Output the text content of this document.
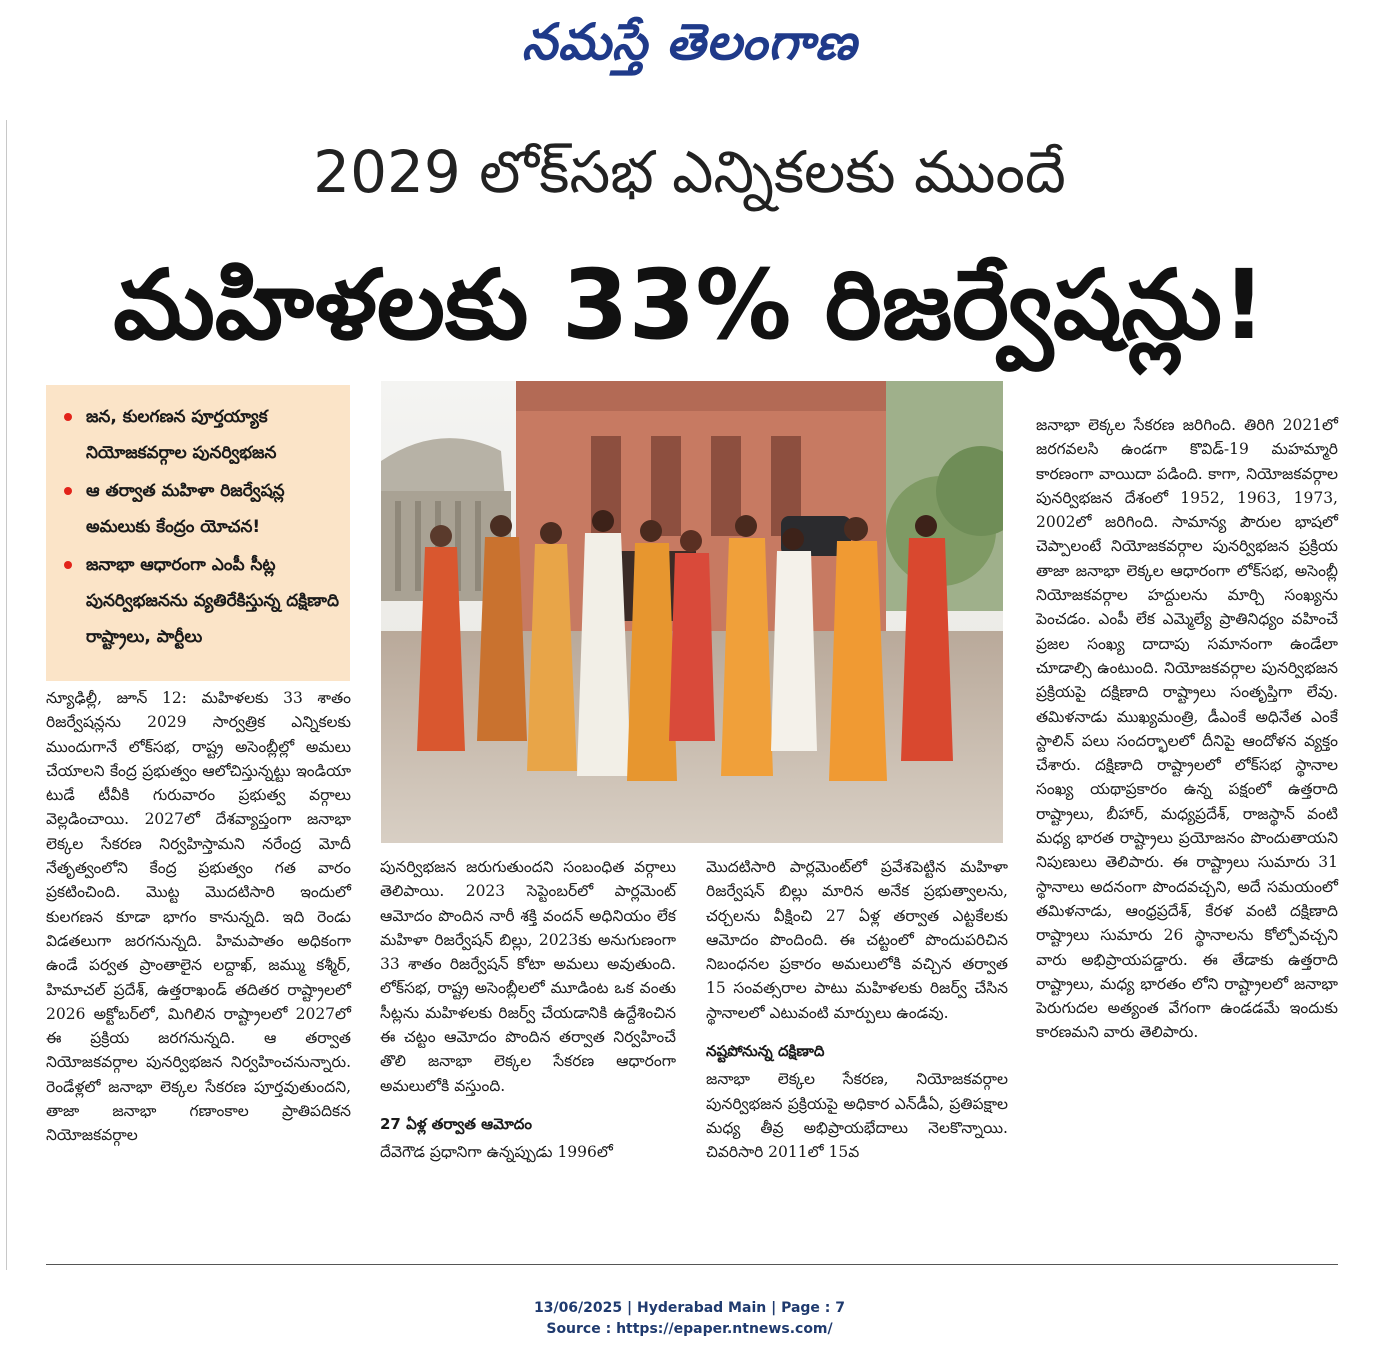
నమస్తే తెలంగాణ
2029 లోక్‌సభ ఎన్నికలకు ముందే
మహిళలకు 33% రిజర్వేషన్లు!
జన, కులగణన పూర్తయ్యాక నియోజకవర్గాల పునర్విభజన
ఆ తర్వాత మహిళా రిజర్వేషన్ల అమలుకు కేంద్రం యోచన!
జనాభా ఆధారంగా ఎంపీ సీట్ల పునర్విభజనను వ్యతిరేకిస్తున్న దక్షిణాది రాష్ట్రాలు, పార్టీలు

న్యూఢిల్లీ, జూన్ 12: మహిళలకు 33 శాతం రిజర్వేషన్లను 2029 సార్వత్రిక ఎన్నికలకు ముందుగానే లోక్‌సభ, రాష్ట్ర అసెంబ్లీల్లో అమలు చేయాలని కేంద్ర ప్రభుత్వం ఆలోచిస్తున్నట్టు ఇండియా టుడే టీవీకి గురువారం ప్రభుత్వ వర్గాలు వెల్లడించాయి. 2027లో దేశవ్యాప్తంగా జనాభా లెక్కల సేకరణ నిర్వహిస్తామని నరేంద్ర మోదీ నేతృత్వంలోని కేంద్ర ప్రభుత్వం గత వారం ప్రకటించింది. మొట్ట మొదటిసారి ఇందులో కులగణన కూడా భాగం కానున్నది. ఇది రెండు విడతలుగా జరగనున్నది. హిమపాతం అధికంగా ఉండే పర్వత ప్రాంతాలైన లద్దాఖ్, జమ్ము కశ్మీర్, హిమాచల్ ప్రదేశ్, ఉత్తరాఖండ్ తదితర రాష్ట్రాలలో 2026 అక్టోబర్‌లో, మిగిలిన రాష్ట్రాలలో 2027లో ఈ ప్రక్రియ జరగనున్నది. ఆ తర్వాత నియోజకవర్గాల పునర్విభజన నిర్వహించనున్నారు. రెండేళ్లలో జనాభా లెక్కల సేకరణ పూర్తవుతుందని, తాజా జనాభా గణాంకాల ప్రాతిపదికన నియోజకవర్గాల

పునర్విభజన జరుగుతుందని సంబంధిత వర్గాలు తెలిపాయి. 2023 సెప్టెంబర్‌లో పార్లమెంట్ ఆమోదం పొందిన నారీ శక్తి వందన్ అధినియం లేక మహిళా రిజర్వేషన్ బిల్లు, 2023కు అనుగుణంగా 33 శాతం రిజర్వేషన్ కోటా అమలు అవుతుంది. లోక్‌సభ, రాష్ట్ర అసెంబ్లీలలో మూడింట ఒక వంతు సీట్లను మహిళలకు రిజర్వ్ చేయడానికి ఉద్దేశించిన ఈ చట్టం ఆమోదం పొందిన తర్వాత నిర్వహించే తొలి జనాభా లెక్కల సేకరణ ఆధారంగా అమలులోకి వస్తుంది.

27 ఏళ్ల తర్వాత ఆమోదం

దేవెగౌడ ప్రధానిగా ఉన్నప్పుడు 1996లో

మొదటిసారి పార్లమెంట్‌లో ప్రవేశపెట్టిన మహిళా రిజర్వేషన్ బిల్లు మారిన అనేక ప్రభుత్వాలను, చర్చలను వీక్షించి 27 ఏళ్ల తర్వాత ఎట్టకేలకు ఆమోదం పొందింది. ఈ చట్టంలో పొందుపరిచిన నిబంధనల ప్రకారం అమలులోకి వచ్చిన తర్వాత 15 సంవత్సరాల పాటు మహిళలకు రిజర్వ్ చేసిన స్థానాలలో ఎటువంటి మార్పులు ఉండవు.

నష్టపోనున్న దక్షిణాది

జనాభా లెక్కల సేకరణ, నియోజకవర్గాల పునర్విభజన ప్రక్రియపై అధికార ఎన్‌డీఏ, ప్రతిపక్షాల మధ్య తీవ్ర అభిప్రాయభేదాలు నెలకొన్నాయి. చివరిసారి 2011లో 15వ

జనాభా లెక్కల సేకరణ జరిగింది. తిరిగి 2021లో జరగవలసి ఉండగా కొవిడ్-19 మహమ్మారి కారణంగా వాయిదా పడింది. కాగా, నియోజకవర్గాల పునర్విభజన దేశంలో 1952, 1963, 1973, 2002లో జరిగింది. సామాన్య పౌరుల భాషలో చెప్పాలంటే నియోజకవర్గాల పునర్విభజన ప్రక్రియ తాజా జనాభా లెక్కల ఆధారంగా లోక్‌సభ, అసెంబ్లీ నియోజకవర్గాల హద్దులను మార్చి సంఖ్యను పెంచడం. ఎంపీ లేక ఎమ్మెల్యే ప్రాతినిధ్యం వహించే ప్రజల సంఖ్య దాదాపు సమానంగా ఉండేలా చూడాల్సి ఉంటుంది. నియోజకవర్గాల పునర్విభజన ప్రక్రియపై దక్షిణాది రాష్ట్రాలు సంతృప్తిగా లేవు. తమిళనాడు ముఖ్యమంత్రి, డీఎంకే అధినేత ఎంకే స్టాలిన్ పలు సందర్భాలలో దీనిపై ఆందోళన వ్యక్తం చేశారు. దక్షిణాది రాష్ట్రాలలో లోక్‌సభ స్థానాల సంఖ్య యథాప్రకారం ఉన్న పక్షంలో ఉత్తరాది రాష్ట్రాలు, బీహార్, మధ్యప్రదేశ్, రాజస్థాన్ వంటి మధ్య భారత రాష్ట్రాలు ప్రయోజనం పొందుతాయని నిపుణులు తెలిపారు. ఈ రాష్ట్రాలు సుమారు 31 స్థానాలు అదనంగా పొందవచ్చని, అదే సమయంలో తమిళనాడు, ఆంధ్రప్రదేశ్, కేరళ వంటి దక్షిణాది రాష్ట్రాలు సుమారు 26 స్థానాలను కోల్పోవచ్చని వారు అభిప్రాయపడ్డారు. ఈ తేడాకు ఉత్తరాది రాష్ట్రాలు, మధ్య భారతం లోని రాష్ట్రాలలో జనాభా పెరుగుదల అత్యంత వేగంగా ఉండడమే ఇందుకు కారణమని వారు తెలిపారు.

13/06/2025 | Hyderabad Main | Page : 7
Source : https://epaper.ntnews.com/
